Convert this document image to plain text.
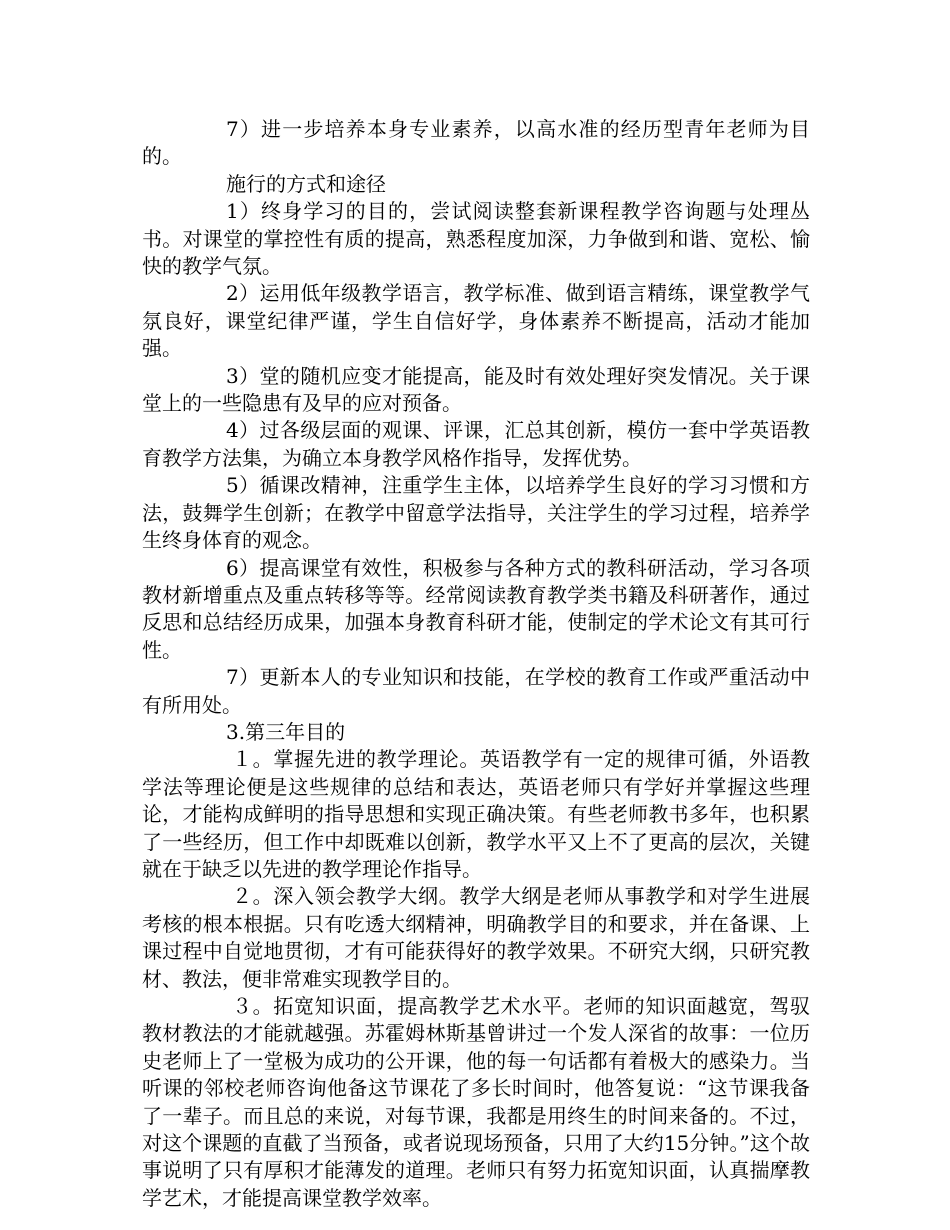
7）进一步培养本身专业素养，以高水准的经历型青年老师为目的。

施行的方式和途径

1）终身学习的目的，尝试阅读整套新课程教学咨询题与处理丛书。对课堂的掌控性有质的提高，熟悉程度加深，力争做到和谐、宽松、愉快的教学气氛。

2）运用低年级教学语言，教学标准、做到语言精练，课堂教学气氛良好，课堂纪律严谨，学生自信好学，身体素养不断提高，活动才能加强。

3）堂的随机应变才能提高，能及时有效处理好突发情况。关于课堂上的一些隐患有及早的应对预备。

4）过各级层面的观课、评课，汇总其创新，模仿一套中学英语教育教学方法集，为确立本身教学风格作指导，发挥优势。

5）循课改精神，注重学生主体，以培养学生良好的学习习惯和方法，鼓舞学生创新；在教学中留意学法指导，关注学生的学习过程，培养学生终身体育的观念。

6）提高课堂有效性，积极参与各种方式的教科研活动，学习各项教材新增重点及重点转移等等。经常阅读教育教学类书籍及科研著作，通过反思和总结经历成果，加强本身教育科研才能，使制定的学术论文有其可行性。

7）更新本人的专业知识和技能，在学校的教育工作或严重活动中有所用处。

3.第三年目的

１。掌握先进的教学理论。英语教学有一定的规律可循，外语教学法等理论便是这些规律的总结和表达，英语老师只有学好并掌握这些理论，才能构成鲜明的指导思想和实现正确决策。有些老师教书多年，也积累了一些经历，但工作中却既难以创新，教学水平又上不了更高的层次，关键就在于缺乏以先进的教学理论作指导。

２。深入领会教学大纲。教学大纲是老师从事教学和对学生进展考核的根本根据。只有吃透大纲精神，明确教学目的和要求，并在备课、上课过程中自觉地贯彻，才有可能获得好的教学效果。不研究大纲，只研究教材、教法，便非常难实现教学目的。

３。拓宽知识面，提高教学艺术水平。老师的知识面越宽，驾驭教材教法的才能就越强。苏霍姆林斯基曾讲过一个发人深省的故事：一位历史老师上了一堂极为成功的公开课，他的每一句话都有着极大的感染力。当听课的邻校老师咨询他备这节课花了多长时间时，他答复说：“这节课我备了一辈子。而且总的来说，对每节课，我都是用终生的时间来备的。不过，对这个课题的直截了当预备，或者说现场预备，只用了大约15分钟。”这个故事说明了只有厚积才能薄发的道理。老师只有努力拓宽知识面，认真揣摩教学艺术，才能提高课堂教学效率。
